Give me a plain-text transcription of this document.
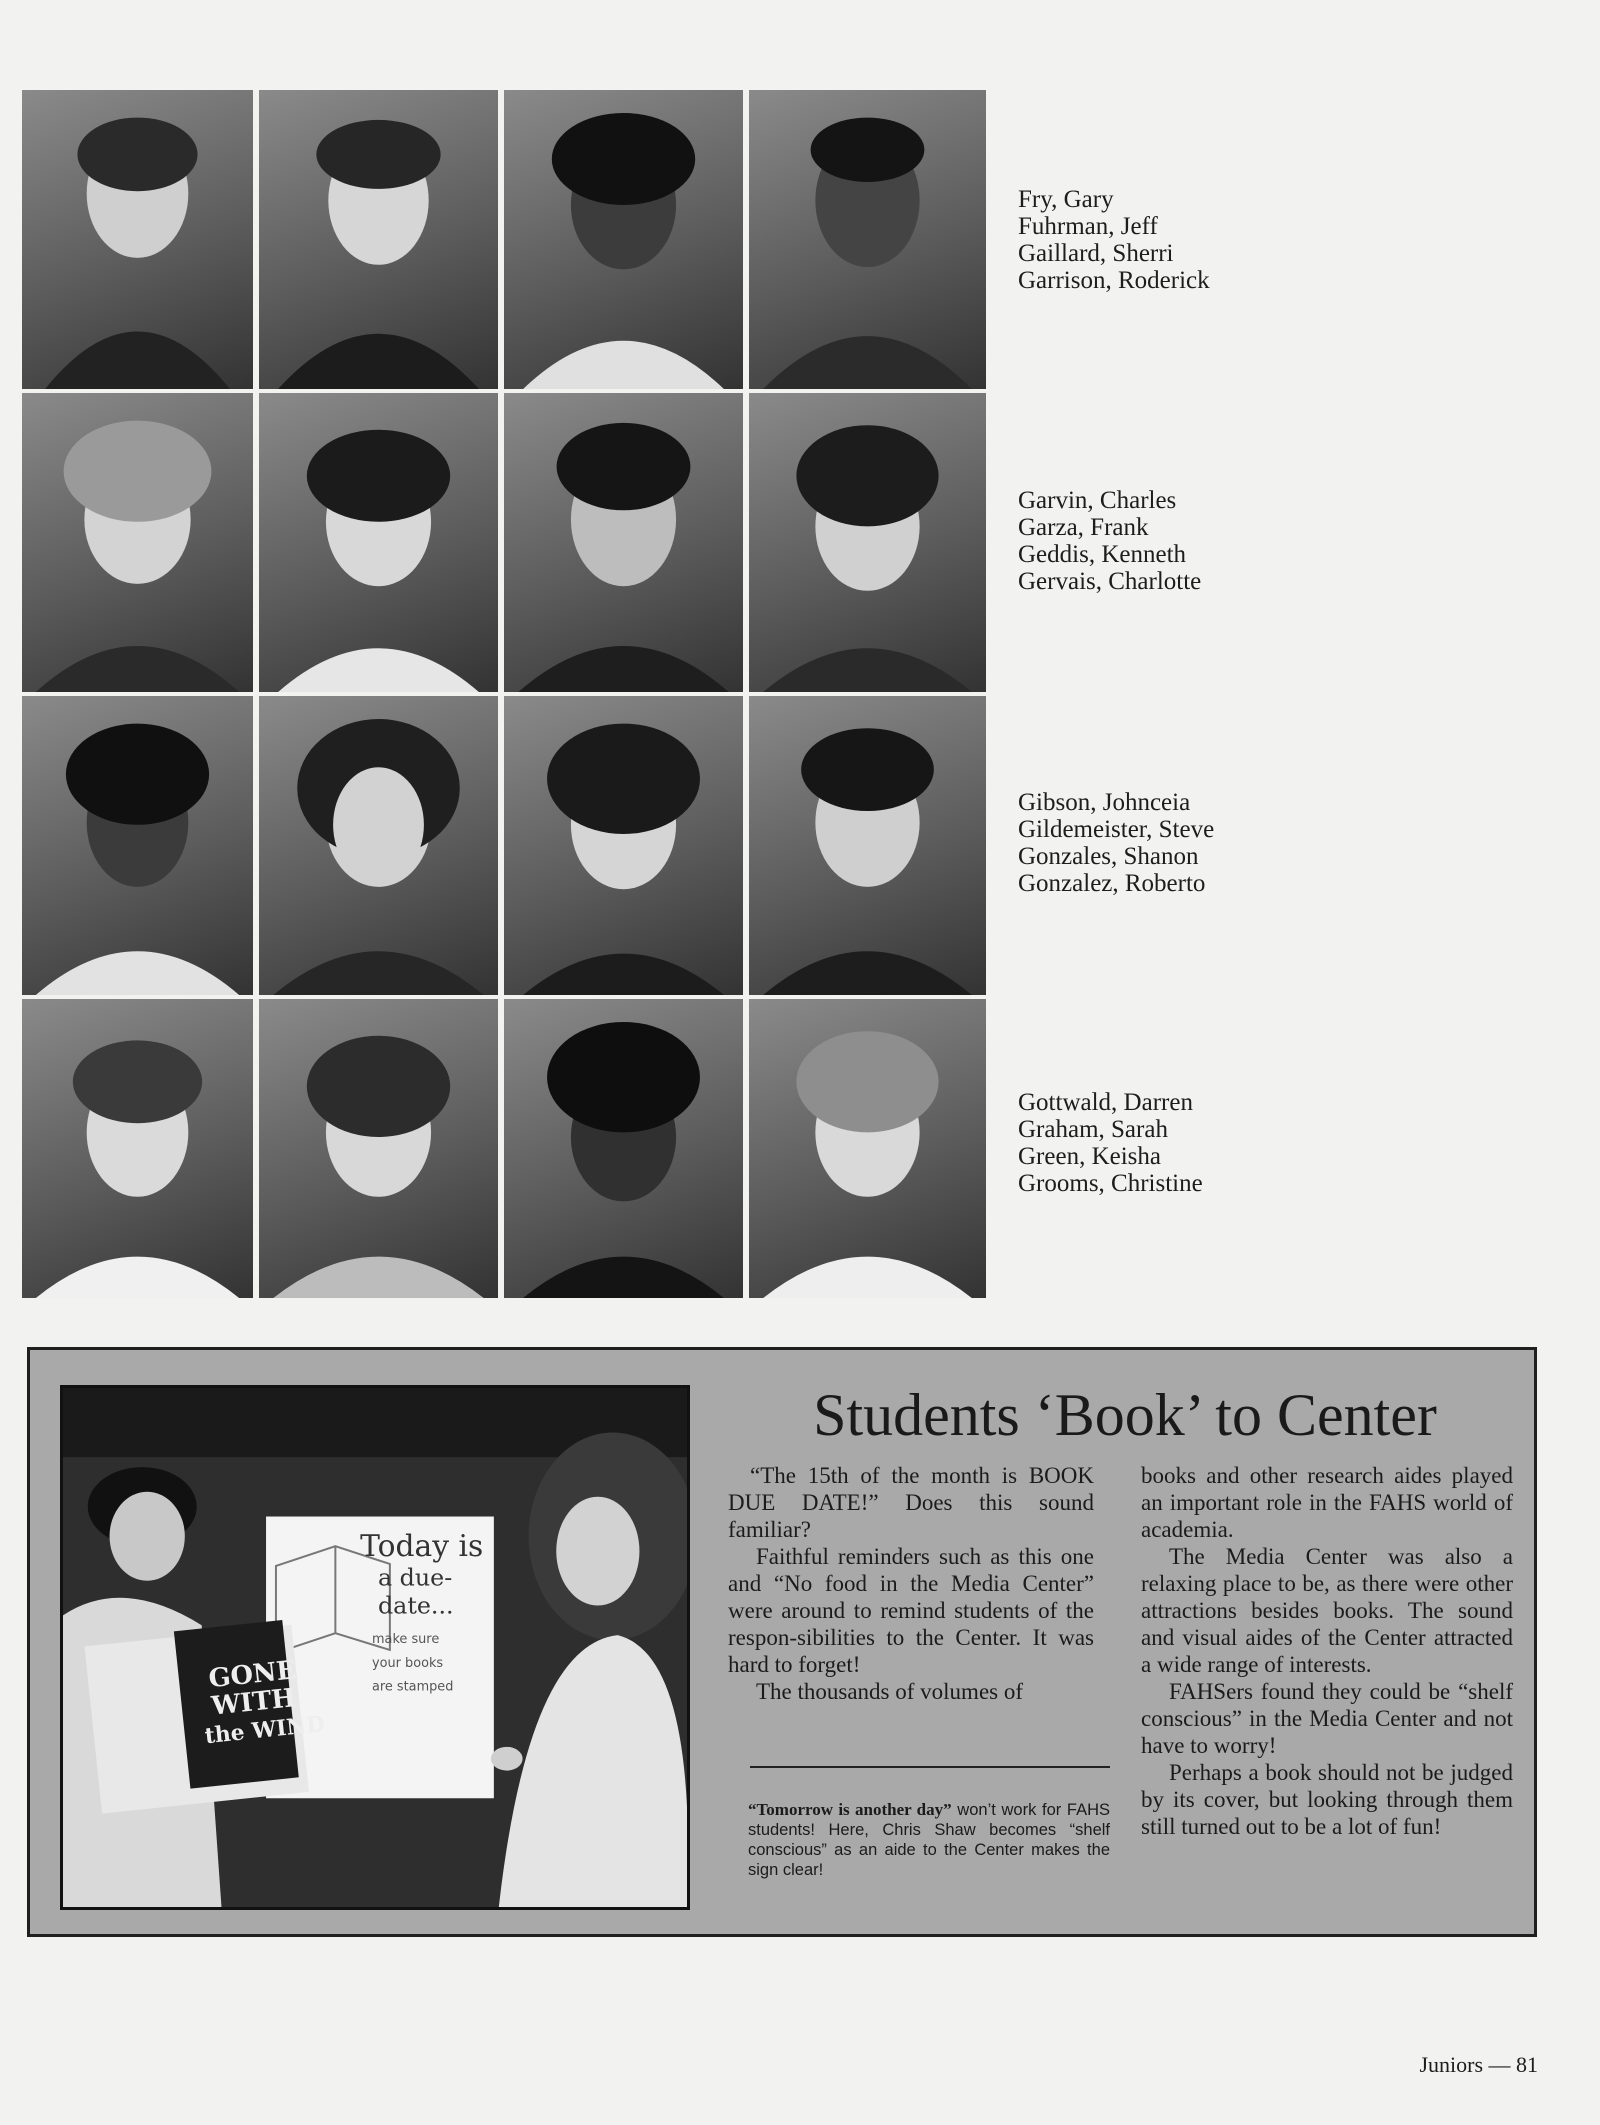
Fry, Gary
Fuhrman, Jeff
Gaillard, Sherri
Garrison, Roderick
Garvin, Charles
Garza, Frank
Geddis, Kenneth
Gervais, Charlotte
Gibson, Johnceia
Gildemeister, Steve
Gonzales, Shanon
Gonzalez, Roberto
Gottwald, Darren
Graham, Sarah
Green, Keisha
Grooms, Christine
Today is
a due-
date...
make sure
your books
are stamped
GONE
WITH
the WIND
Students ‘Book’ to Center

“The 15th of the month is BOOK DUE DATE!” Does this sound familiar?

Faithful reminders such as this one and “No food in the Media Center” were around to remind students of the respon-sibilities to the Center. It was hard to forget!

The thousands of volumes of

books and other research aides played an important role in the FAHS world of academia.

The Media Center was also a relaxing place to be, as there were other attractions besides books. The sound and visual aides of the Center attracted a wide range of interests.

FAHSers found they could be “shelf conscious” in the Media Center and not have to worry!

Perhaps a book should not be judged by its cover, but looking through them still turned out to be a lot of fun!

“Tomorrow is another day” won’t work for FAHS students! Here, Chris Shaw becomes “shelf conscious” as an aide to the Center makes the sign clear!
Juniors — 81
